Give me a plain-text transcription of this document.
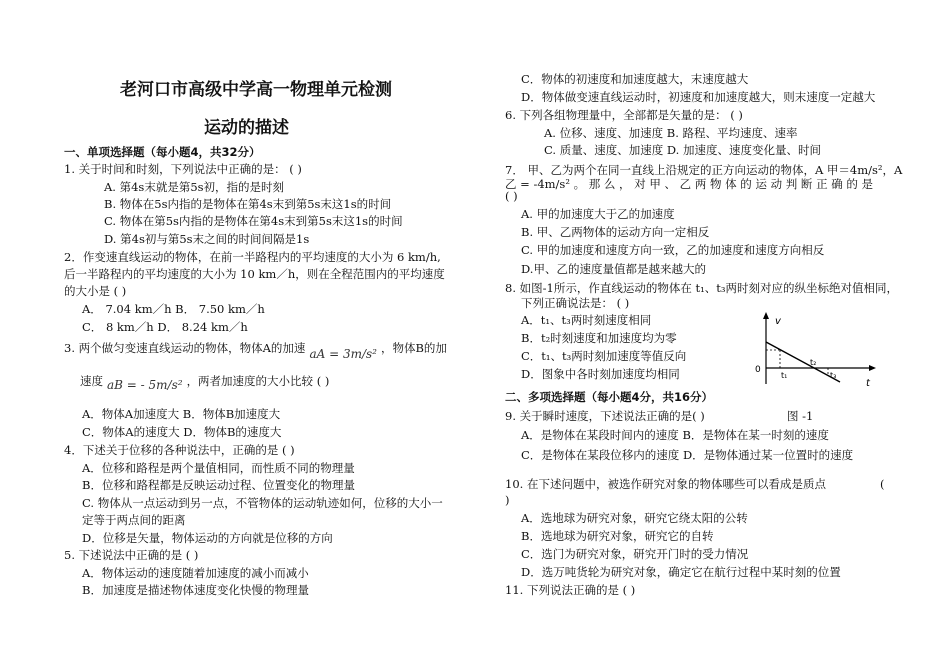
老河口市高级中学高一物理单元检测
运动的描述
一、单项选择题（每小题4，共32分）
1. 关于时间和时刻，下列说法中正确的是： ( )
A. 第4s末就是第5s初，指的是时刻
B. 物体在5s内指的是物体在第4s末到第5s末这1s的时间
C. 物体在第5s内指的是物体在第4s末到第5s末这1s的时间
D. 第4s初与第5s末之间的时间间隔是1s
2．作变速直线运动的物体，在前一半路程内的平均速度的大小为 6 km/h,
后一半路程内的平均速度的大小为 10 km／h，则在全程范围内的平均速度
的大小是 ( )
A． 7.04 km／h B． 7.50 km／h
C． 8 km／h D． 8.24 km／h
3. 两个做匀变速直线运动的物体，物体A的加速 aA = 3m/s² ，物体B的加
速度 aB = - 5m/s² ，两者加速度的大小比较 ( )
A．物体A加速度大 B．物体B加速度大
C．物体A的速度大 D．物体B的速度大
4．下述关于位移的各种说法中，正确的是 ( )
A．位移和路程是两个量值相同，而性质不同的物理量
B．位移和路程都是反映运动过程、位置变化的物理量
C. 物体从一点运动到另一点，不管物体的运动轨迹如何，位移的大小一
定等于两点间的距离
D．位移是矢量，物体运动的方向就是位移的方向
5. 下述说法中正确的是 ( )
A．物体运动的速度随着加速度的减小而减小
B．加速度是描述物体速度变化快慢的物理量
C．物体的初速度和加速度越大，末速度越大
D．物体做变速直线运动时，初速度和加速度越大，则末速度一定越大
6. 下列各组物理量中，全部都是矢量的是： ( )
A. 位移、速度、加速度 B. 路程、平均速度、速率
C. 质量、速度、加速度 D. 加速度、速度变化量、时间
7． 甲、乙为两个在同一直线上沿规定的正方向运动的物体，A 甲＝4m/s²，A
乙 = -4m/s² 。 那 么 ， 对 甲 、 乙 两 物 体 的 运 动 判 断 正 确 的 是
( )
A. 甲的加速度大于乙的加速度
B. 甲、乙两物体的运动方向一定相反
C. 甲的加速度和速度方向一致，乙的加速度和速度方向相反
D.甲、乙的速度量值都是越来越大的
8. 如图-1所示，作直线运动的物体在 t₁、t₃两时刻对应的纵坐标绝对值相同，
下列正确说法是： ( )
A．t₁、t₃两时刻速度相同
B．t₂时刻速度和加速度均为零
C．t₁、t₃两时刻加速度等值反向
D．图象中各时刻加速度均相同
v
t
0
t₁
t₂
t₃
二、多项选择题（每小题4分，共16分）
9. 关于瞬时速度，下述说法正确的是( )	图 -1
A．是物体在某段时间内的速度 B．是物体在某一时刻的速度
C．是物体在某段位移内的速度 D．是物体通过某一位置时的速度
10. 在下述问题中，被选作研究对象的物体哪些可以看成是质点	(
)
A．选地球为研究对象，研究它绕太阳的公转
B．选地球为研究对象，研究它的自转
C．选门为研究对象，研究开门时的受力情况
D．选万吨货轮为研究对象，确定它在航行过程中某时刻的位置
11. 下列说法正确的是 ( )
